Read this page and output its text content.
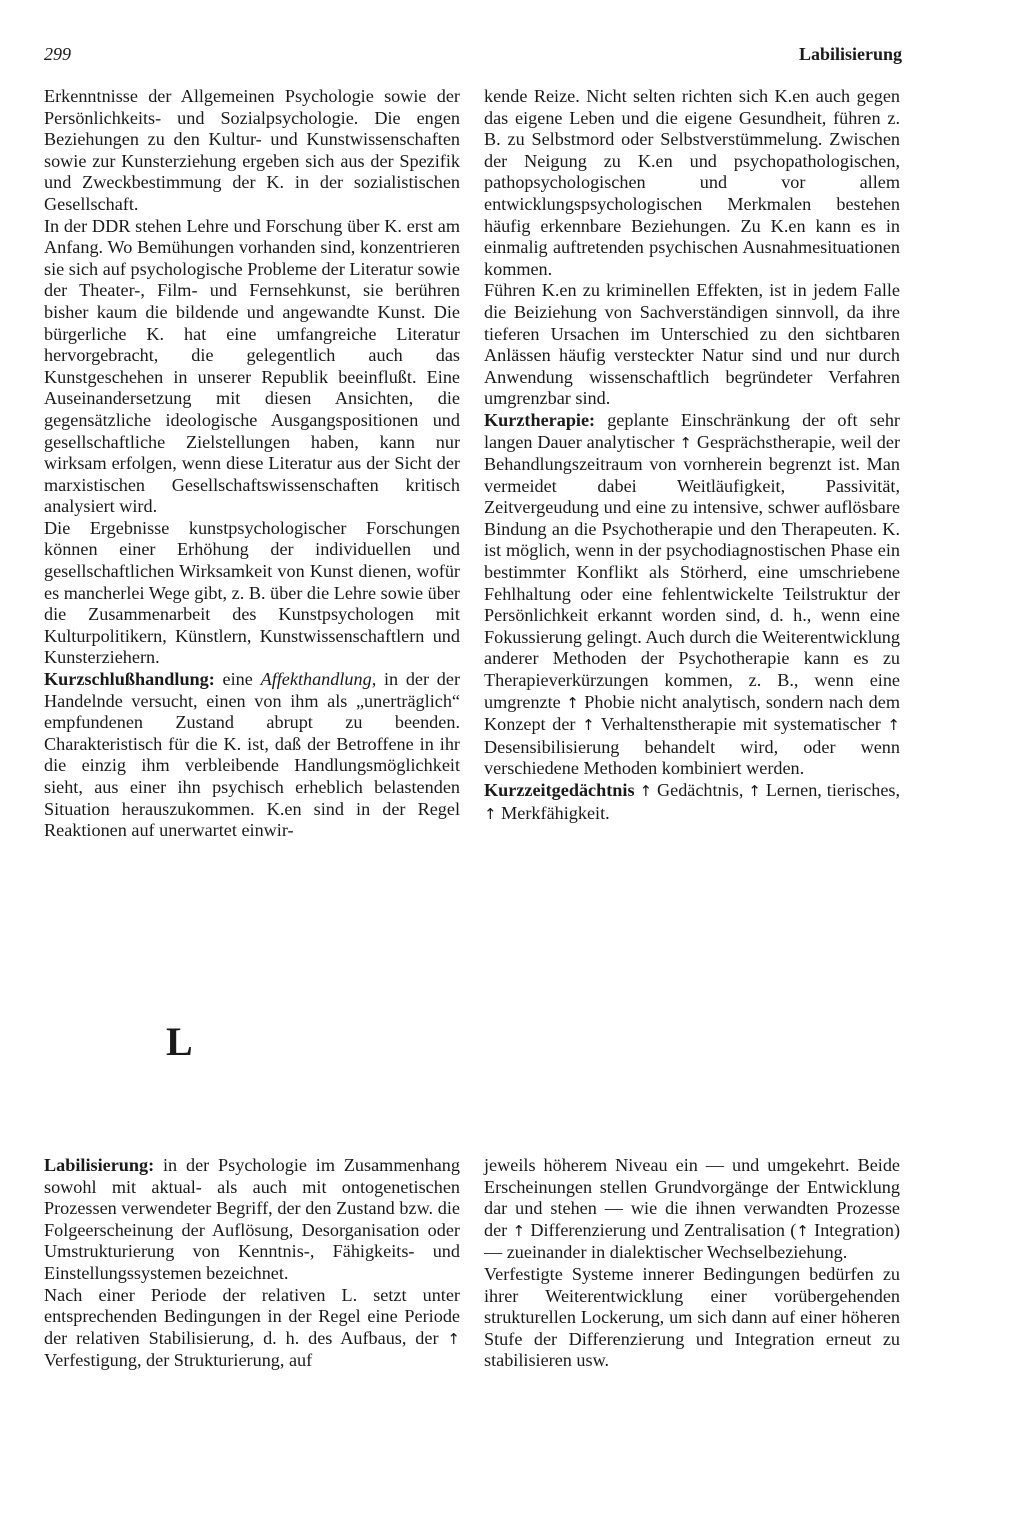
299	Labilisierung

Erkenntnisse der Allgemeinen Psychologie sowie der Persönlichkeits- und Sozialpsychologie. Die engen Beziehungen zu den Kultur- und Kunstwissenschaften sowie zur Kunsterziehung ergeben sich aus der Spezifik und Zweckbestimmung der K. in der sozialistischen Gesellschaft.

In der DDR stehen Lehre und Forschung über K. erst am Anfang. Wo Bemühungen vorhanden sind, konzentrieren sie sich auf psychologische Probleme der Literatur sowie der Theater-, Film- und Fernsehkunst, sie berühren bisher kaum die bildende und angewandte Kunst. Die bürgerliche K. hat eine umfangreiche Literatur hervorgebracht, die gelegentlich auch das Kunstgeschehen in unserer Republik beeinflußt. Eine Auseinandersetzung mit diesen Ansichten, die gegensätzliche ideologische Ausgangspositionen und gesellschaftliche Zielstellungen haben, kann nur wirksam erfolgen, wenn diese Literatur aus der Sicht der marxistischen Gesellschaftswissenschaften kritisch analysiert wird.

Die Ergebnisse kunstpsychologischer Forschungen können einer Erhöhung der individuellen und gesellschaftlichen Wirksamkeit von Kunst dienen, wofür es mancherlei Wege gibt, z. B. über die Lehre sowie über die Zusammenarbeit des Kunstpsychologen mit Kulturpolitikern, Künstlern, Kunstwissenschaftlern und Kunsterziehern.

Kurzschlußhandlung: eine Affekthandlung, in der der Handelnde versucht, einen von ihm als „unerträglich“ empfundenen Zustand abrupt zu beenden. Charakteristisch für die K. ist, daß der Betroffene in ihr die einzig ihm verbleibende Handlungsmöglichkeit sieht, aus einer ihn psychisch erheblich belastenden Situation herauszukommen. K.en sind in der Regel Reaktionen auf unerwartet einwir-

kende Reize. Nicht selten richten sich K.en auch gegen das eigene Leben und die eigene Gesundheit, führen z. B. zu Selbstmord oder Selbstverstümmelung. Zwischen der Neigung zu K.en und psychopathologischen, pathopsychologischen und vor allem entwicklungspsychologischen Merkmalen bestehen häufig erkennbare Beziehungen. Zu K.en kann es in einmalig auftretenden psychischen Ausnahmesituationen kommen.

Führen K.en zu kriminellen Effekten, ist in jedem Falle die Beiziehung von Sachverständigen sinnvoll, da ihre tieferen Ursachen im Unterschied zu den sichtbaren Anlässen häufig versteckter Natur sind und nur durch Anwendung wissenschaftlich begründeter Verfahren umgrenzbar sind.

Kurztherapie: geplante Einschränkung der oft sehr langen Dauer analytischer ↑ Gesprächstherapie, weil der Behandlungszeitraum von vornherein begrenzt ist. Man vermeidet dabei Weitläufigkeit, Passivität, Zeitvergeudung und eine zu intensive, schwer auflösbare Bindung an die Psychotherapie und den Therapeuten. K. ist möglich, wenn in der psychodiagnostischen Phase ein bestimmter Konflikt als Störherd, eine umschriebene Fehlhaltung oder eine fehlentwickelte Teilstruktur der Persönlichkeit erkannt worden sind, d. h., wenn eine Fokussierung gelingt. Auch durch die Weiterentwicklung anderer Methoden der Psychotherapie kann es zu Therapieverkürzungen kommen, z. B., wenn eine umgrenzte ↑ Phobie nicht analytisch, sondern nach dem Konzept der ↑ Verhaltenstherapie mit systematischer ↑ Desensibilisierung behandelt wird, oder wenn verschiedene Methoden kombiniert werden.

Kurzzeitgedächtnis ↑ Gedächtnis, ↑ Lernen, tierisches, ↑ Merkfähigkeit.

L

Labilisierung: in der Psychologie im Zusammenhang sowohl mit aktual- als auch mit ontogenetischen Prozessen verwendeter Begriff, der den Zustand bzw. die Folgeerscheinung der Auflösung, Desorganisation oder Umstrukturierung von Kenntnis-, Fähigkeits- und Einstellungssystemen bezeichnet.

Nach einer Periode der relativen L. setzt unter entsprechenden Bedingungen in der Regel eine Periode der relativen Stabilisierung, d. h. des Aufbaus, der ↑ Verfestigung, der Strukturierung, auf

jeweils höherem Niveau ein — und umgekehrt. Beide Erscheinungen stellen Grundvorgänge der Entwicklung dar und stehen — wie die ihnen verwandten Prozesse der ↑ Differenzierung und Zentralisation (↑ Integration) — zueinander in dialektischer Wechselbeziehung.

Verfestigte Systeme innerer Bedingungen bedürfen zu ihrer Weiterentwicklung einer vorübergehenden strukturellen Lockerung, um sich dann auf einer höheren Stufe der Differenzierung und Integration erneut zu stabilisieren usw.
